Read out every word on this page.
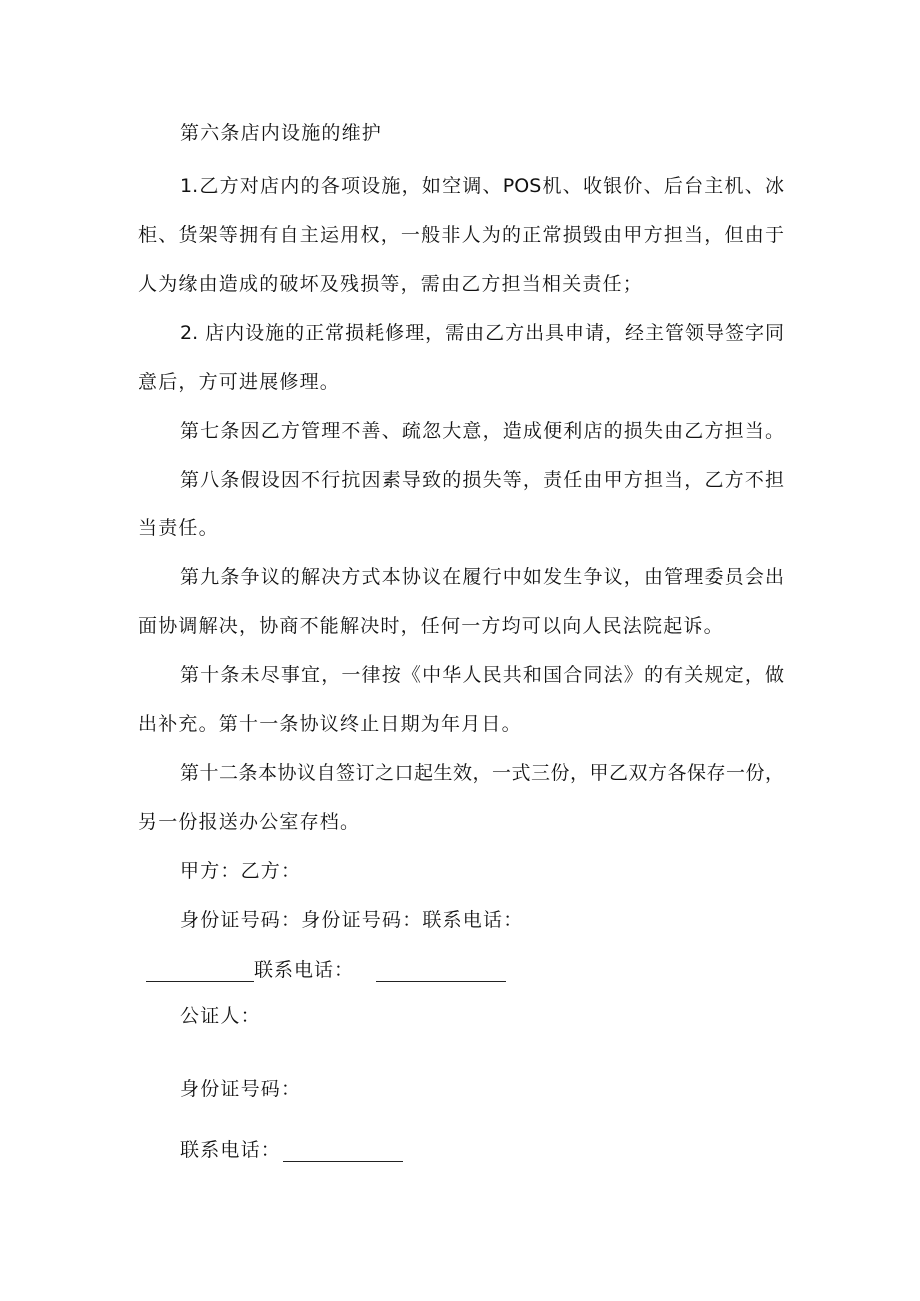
第六条店内设施的维护
1.乙方对店内的各项设施，如空调、POS机、收银价、后台主机、冰
柜、货架等拥有自主运用权，一般非人为的正常损毁由甲方担当，但由于
人为缘由造成的破坏及残损等，需由乙方担当相关责任；
2. 店内设施的正常损耗修理，需由乙方出具申请，经主管领导签字同
意后，方可进展修理。
第七条因乙方管理不善、疏忽大意，造成便利店的损失由乙方担当。
第八条假设因不行抗因素导致的损失等，责任由甲方担当，乙方不担
当责任。
第九条争议的解决方式本协议在履行中如发生争议，由管理委员会出
面协调解决，协商不能解决时，任何一方均可以向人民法院起诉。
第十条未尽事宜，一律按《中华人民共和国合同法》的有关规定，做
出补充。第十一条协议终止日期为年月日。
第十二条本协议自签订之口起生效，一式三份，甲乙双方各保存一份，
另一份报送办公室存档。
甲方：乙方：
身份证号码：身份证号码：联系电话：
联系电话：
公证人：
身份证号码：
联系电话：
